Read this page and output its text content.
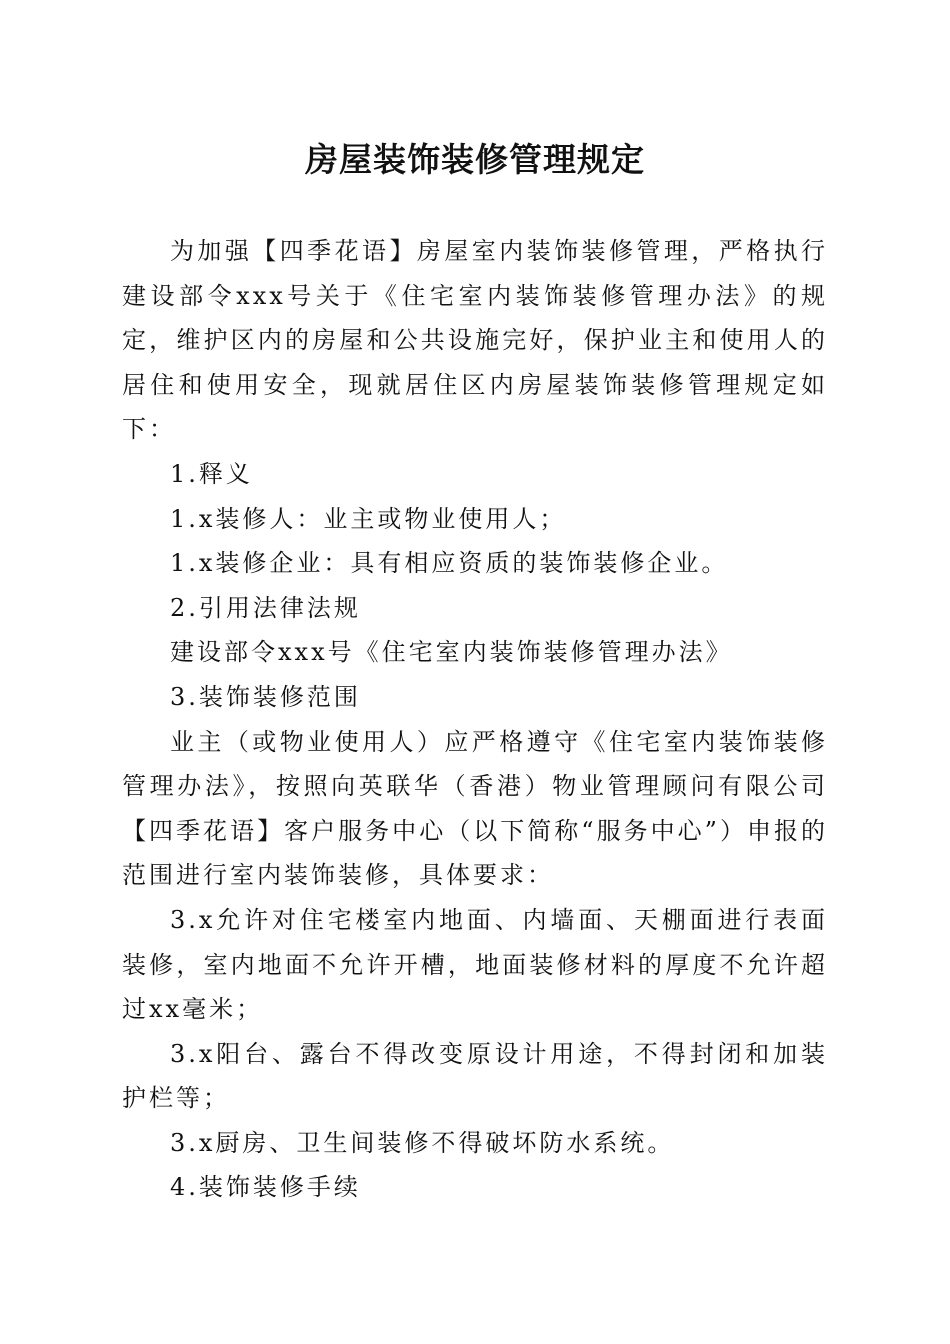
房屋装饰装修管理规定

为加强【四季花语】房屋室内装饰装修管理，严格执行建设部令xxx号关于《住宅室内装饰装修管理办法》的规定，维护区内的房屋和公共设施完好，保护业主和使用人的居住和使用安全，现就居住区内房屋装饰装修管理规定如下：

1.释义

1.x装修人：业主或物业使用人；

1.x装修企业：具有相应资质的装饰装修企业。

2.引用法律法规

建设部令xxx号《住宅室内装饰装修管理办法》

3.装饰装修范围

业主（或物业使用人）应严格遵守《住宅室内装饰装修管理办法》，按照向英联华（香港）物业管理顾问有限公司【四季花语】客户服务中心（以下简称“服务中心”）申报的范围进行室内装饰装修，具体要求：

3.x允许对住宅楼室内地面、内墙面、天棚面进行表面装修，室内地面不允许开槽，地面装修材料的厚度不允许超过xx毫米；

3.x阳台、露台不得改变原设计用途，不得封闭和加装护栏等；

3.x厨房、卫生间装修不得破坏防水系统。

4.装饰装修手续
